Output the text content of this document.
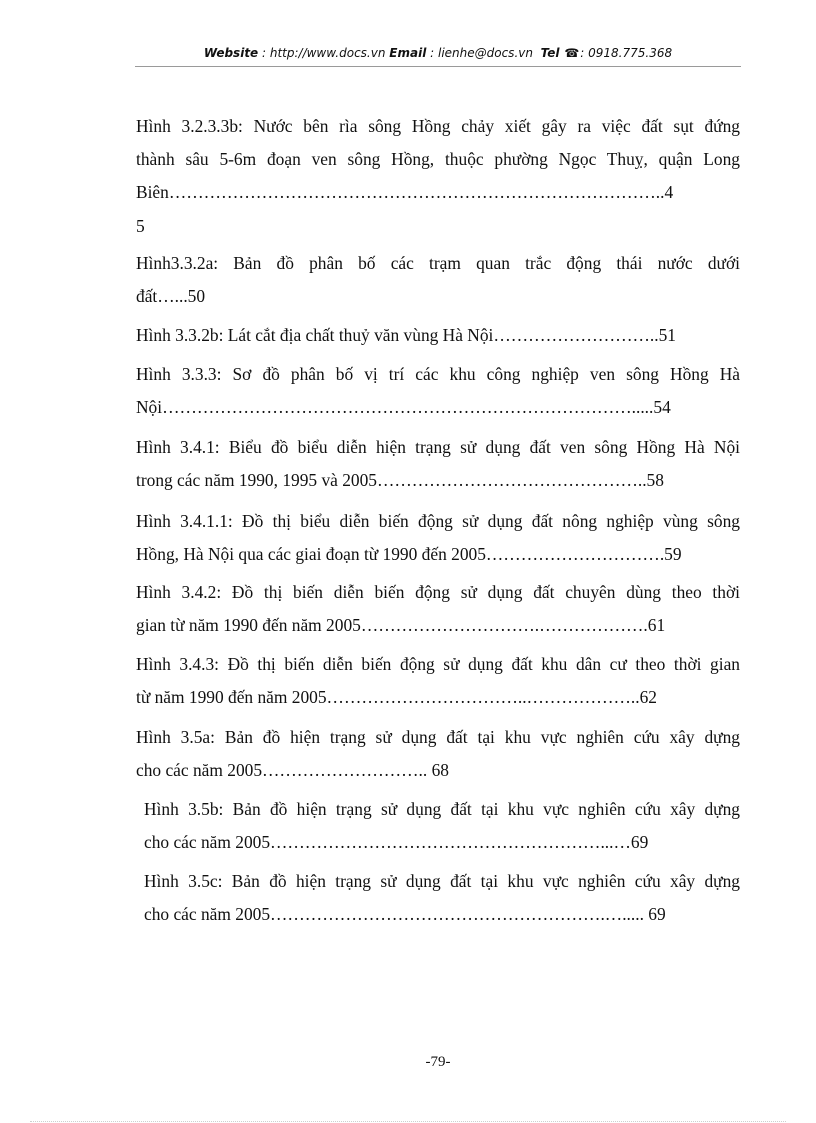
Website : http://www.docs.vn Email : lienhe@docs.vn Tel ☎: 0918.775.368
Hình 3.2.3.3b: Nước bên rìa sông Hồng chảy xiết gây ra việc đất sụt đứng
thành sâu 5-6m đoạn ven sông Hồng, thuộc phường Ngọc Thuỵ, quận Long
Biên…………………………………………………………………………..4
5
Hình3.3.2a: Bản đồ phân bố các trạm quan trắc động thái nước dưới
đất…...50
Hình 3.3.2b: Lát cắt địa chất thuỷ văn vùng Hà Nội………………………..51
Hình 3.3.3: Sơ đồ phân bố vị trí các khu công nghiệp ven sông Hồng Hà
Nội……………………………………………………………………….....54
Hình 3.4.1: Biểu đồ biểu diễn hiện trạng sử dụng đất ven sông Hồng Hà Nội
trong các năm 1990, 1995 và 2005………………………………………..58
Hình 3.4.1.1: Đồ thị biểu diễn biến động sử dụng đất nông nghiệp vùng sông
Hồng, Hà Nội qua các giai đoạn từ 1990 đến 2005………………………….59
Hình 3.4.2: Đồ thị biến diễn biến động sử dụng đất chuyên dùng theo thời
gian từ năm 1990 đến năm 2005………………………….……………….61
Hình 3.4.3: Đồ thị biến diễn biến động sử dụng đất khu dân cư theo thời gian
từ năm 1990 đến năm 2005……………………………..………………..62
Hình 3.5a: Bản đồ hiện trạng sử dụng đất tại khu vực nghiên cứu xây dựng
cho các năm 2005……………………….. 68
Hình 3.5b: Bản đồ hiện trạng sử dụng đất tại khu vực nghiên cứu xây dựng
cho các năm 2005…………………………………………………...…69
Hình 3.5c: Bản đồ hiện trạng sử dụng đất tại khu vực nghiên cứu xây dựng
cho các năm 2005………………………………………………….…..... 69
-79-
